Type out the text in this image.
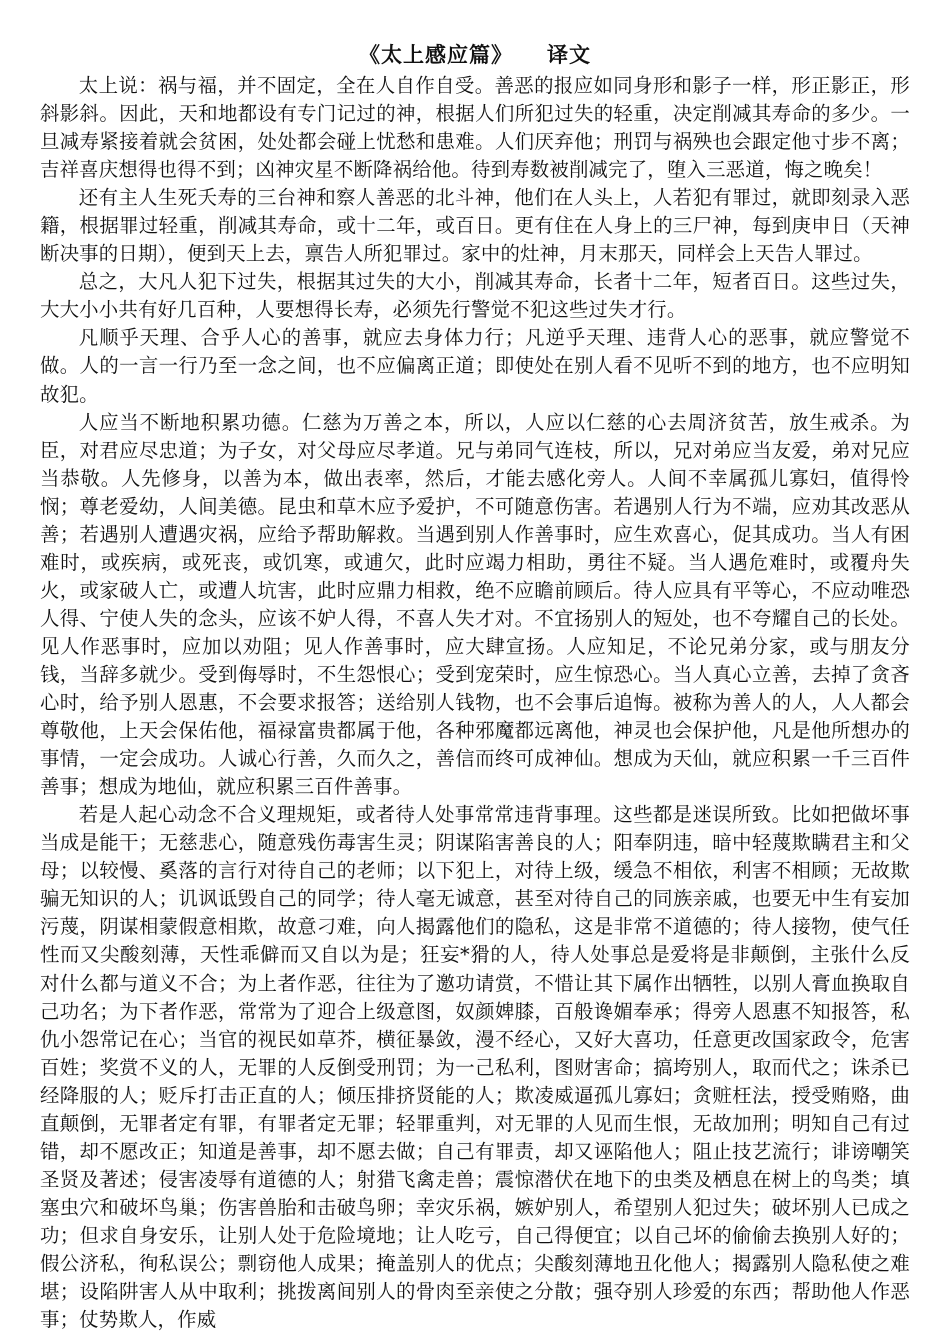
《太上感应篇》 译文

太上说：祸与福，并不固定，全在人自作自受。善恶的报应如同身形和影子一样，形正影正，形斜影斜。因此，天和地都设有专门记过的神，根据人们所犯过失的轻重，决定削减其寿命的多少。一旦减寿紧接着就会贫困，处处都会碰上忧愁和患难。人们厌弃他；刑罚与祸殃也会跟定他寸步不离；吉祥喜庆想得也得不到；凶神灾星不断降祸给他。待到寿数被削减完了，堕入三恶道，悔之晚矣！

还有主人生死夭寿的三台神和察人善恶的北斗神，他们在人头上，人若犯有罪过，就即刻录入恶籍，根据罪过轻重，削减其寿命，或十二年，或百日。更有住在人身上的三尸神，每到庚申日（天神断决事的日期），便到天上去，禀告人所犯罪过。家中的灶神，月末那天，同样会上天告人罪过。

总之，大凡人犯下过失，根据其过失的大小，削减其寿命，长者十二年，短者百日。这些过失，大大小小共有好几百种，人要想得长寿，必须先行警觉不犯这些过失才行。

凡顺乎天理、合乎人心的善事，就应去身体力行；凡逆乎天理、违背人心的恶事，就应警觉不做。人的一言一行乃至一念之间，也不应偏离正道；即使处在别人看不见听不到的地方，也不应明知故犯。

人应当不断地积累功德。仁慈为万善之本，所以，人应以仁慈的心去周济贫苦，放生戒杀。为臣，对君应尽忠道；为子女，对父母应尽孝道。兄与弟同气连枝，所以，兄对弟应当友爱，弟对兄应当恭敬。人先修身，以善为本，做出表率，然后，才能去感化旁人。人间不幸属孤儿寡妇，值得怜悯；尊老爱幼，人间美德。昆虫和草木应予爱护，不可随意伤害。若遇别人行为不端，应劝其改恶从善；若遇别人遭遇灾祸，应给予帮助解救。当遇到别人作善事时，应生欢喜心，促其成功。当人有困难时，或疾病，或死丧，或饥寒，或逋欠，此时应竭力相助，勇往不疑。当人遇危难时，或覆舟失火，或家破人亡，或遭人坑害，此时应鼎力相救，绝不应瞻前顾后。待人应具有平等心，不应动唯恐人得、宁使人失的念头，应该不妒人得，不喜人失才对。不宜扬别人的短处，也不夸耀自己的长处。见人作恶事时，应加以劝阻；见人作善事时，应大肆宣扬。人应知足，不论兄弟分家，或与朋友分钱，当辞多就少。受到侮辱时，不生怨恨心；受到宠荣时，应生惊恐心。当人真心立善，去掉了贪吝心时，给予别人恩惠，不会要求报答；送给别人钱物，也不会事后追悔。被称为善人的人，人人都会尊敬他，上天会保佑他，福禄富贵都属于他，各种邪魔都远离他，神灵也会保护他，凡是他所想办的事情，一定会成功。人诚心行善，久而久之，善信而终可成神仙。想成为天仙，就应积累一千三百件善事；想成为地仙，就应积累三百件善事。

若是人起心动念不合义理规矩，或者待人处事常常违背事理。这些都是迷误所致。比如把做坏事当成是能干；无慈悲心，随意残伤毒害生灵；阴谋陷害善良的人；阳奉阴违，暗中轻蔑欺瞒君主和父母；以较慢、奚落的言行对待自己的老师；以下犯上，对待上级，缓急不相依，利害不相顾；无故欺骗无知识的人；讥讽诋毁自己的同学；待人毫无诚意，甚至对待自己的同族亲戚，也要无中生有妄加污蔑，阴谋相蒙假意相欺，故意刁难，向人揭露他们的隐私，这是非常不道德的；待人接物，使气任性而又尖酸刻薄，天性乖僻而又自以为是；狂妄*猾的人，待人处事总是爱将是非颠倒，主张什么反对什么都与道义不合；为上者作恶，往往为了邀功请赏，不惜让其下属作出牺牲，以别人膏血换取自己功名；为下者作恶，常常为了迎合上级意图，奴颜婢膝，百般谗媚奉承；得旁人恩惠不知报答，私仇小怨常记在心；当官的视民如草芥，横征暴敛，漫不经心，又好大喜功，任意更改国家政令，危害百姓；奖赏不义的人，无罪的人反倒受刑罚；为一己私利，图财害命；搞垮别人，取而代之；诛杀已经降服的人；贬斥打击正直的人；倾压排挤贤能的人；欺凌威逼孤儿寡妇；贪赃枉法，授受贿赂，曲直颠倒，无罪者定有罪，有罪者定无罪；轻罪重判，对无罪的人见而生恨，无故加刑；明知自己有过错，却不愿改正；知道是善事，却不愿去做；自己有罪责，却又诬陷他人；阻止技艺流行；诽谤嘲笑圣贤及著述；侵害凌辱有道德的人；射猎飞禽走兽；震惊潜伏在地下的虫类及栖息在树上的鸟类；填塞虫穴和破坏鸟巢；伤害兽胎和击破鸟卵；幸灾乐祸，嫉妒别人，希望别人犯过失；破坏别人已成之功；但求自身安乐，让别人处于危险境地；让人吃亏，自己得便宜；以自己坏的偷偷去换别人好的；假公济私，徇私误公；剽窃他人成果；掩盖别人的优点；尖酸刻薄地丑化他人；揭露别人隐私使之难堪；设陷阱害人从中取利；挑拨离间别人的骨肉至亲使之分散；强夺别人珍爱的东西；帮助他人作恶事；仗势欺人，作威
